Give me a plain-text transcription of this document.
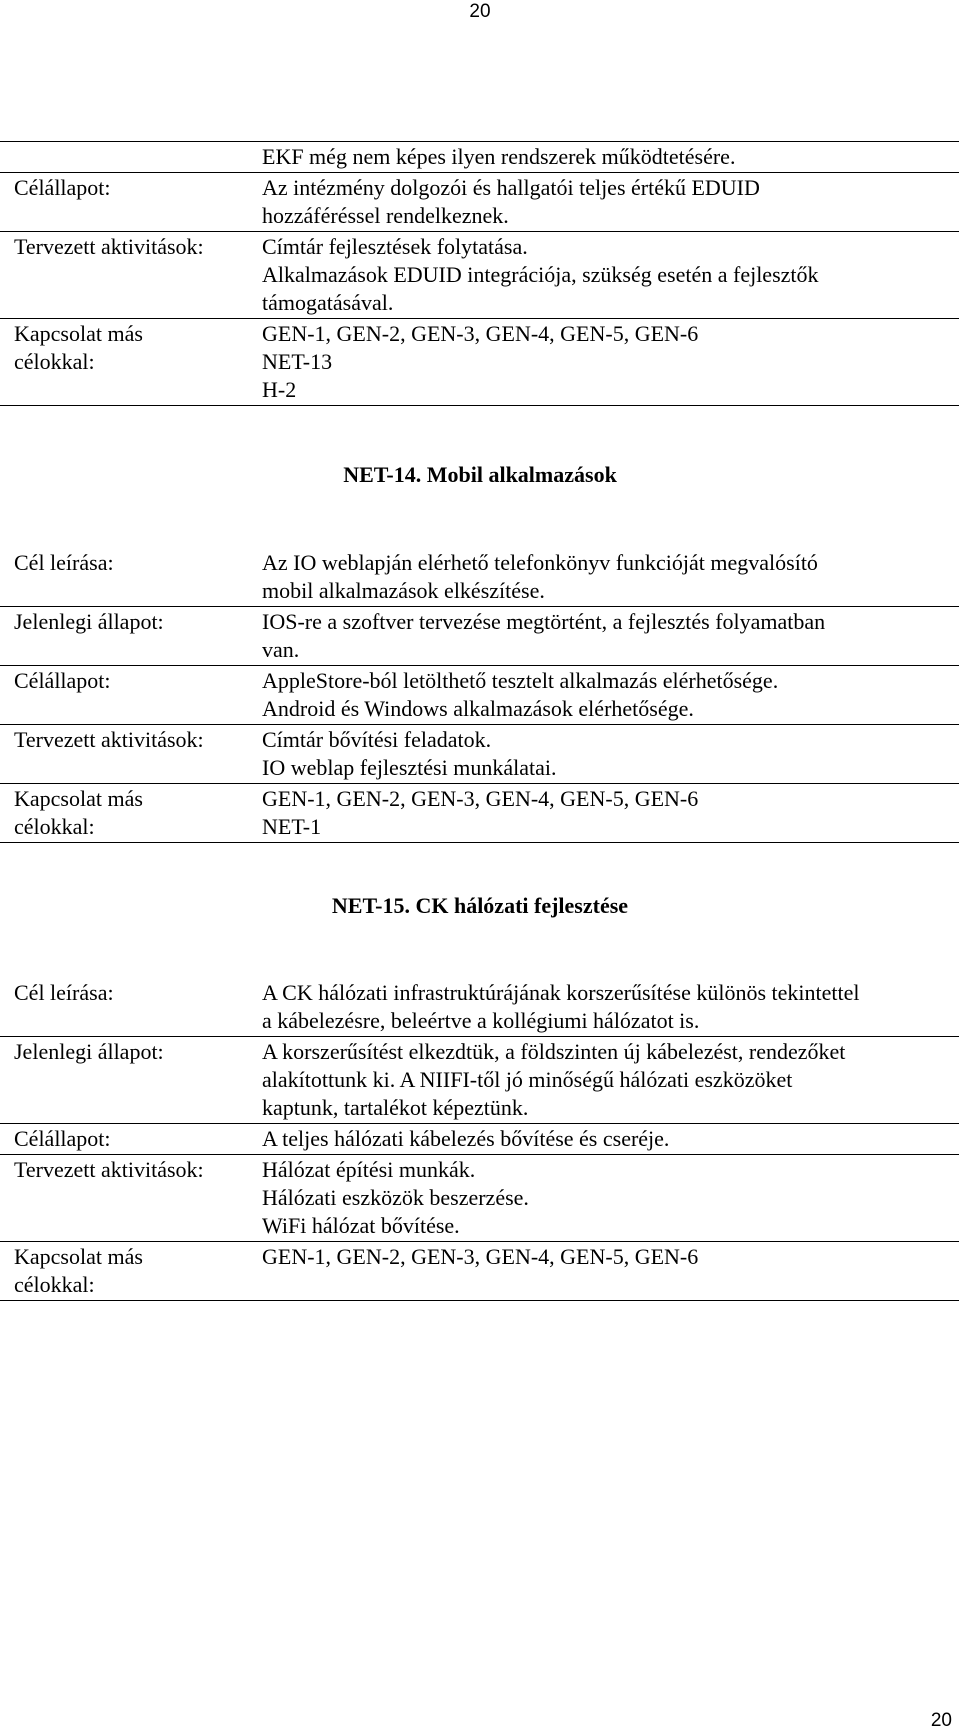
20

	EKF még nem képes ilyen rendszerek működtetésére.

Célállapot:	Az intézmény dolgozói és hallgatói teljes értékű EDUID
hozzáféréssel rendelkeznek.

Tervezett aktivitások:	Címtár fejlesztések folytatása.
Alkalmazások EDUID integrációja, szükség esetén a fejlesztők
támogatásával.

Kapcsolat más
célokkal:	GEN-1, GEN-2, GEN-3, GEN-4, GEN-5, GEN-6
NET-13
H-2
NET-14. Mobil alkalmazások
Cél leírása:	Az IO weblapján elérhető telefonkönyv funkcióját megvalósító
mobil alkalmazások elkészítése.

Jelenlegi állapot:	IOS-re a szoftver tervezése megtörtént, a fejlesztés folyamatban
van.

Célállapot:	AppleStore-ból letölthető tesztelt alkalmazás elérhetősége.
Android és Windows alkalmazások elérhetősége.

Tervezett aktivitások:	Címtár bővítési feladatok.
IO weblap fejlesztési munkálatai.

Kapcsolat más
célokkal:	GEN-1, GEN-2, GEN-3, GEN-4, GEN-5, GEN-6
NET-1
NET-15. CK hálózati fejlesztése
Cél leírása:	A CK hálózati infrastruktúrájának korszerűsítése különös tekintettel
a kábelezésre, beleértve a kollégiumi hálózatot is.

Jelenlegi állapot:	A korszerűsítést elkezdtük, a földszinten új kábelezést, rendezőket
alakítottunk ki. A NIIFI-től jó minőségű hálózati eszközöket
kaptunk, tartalékot képeztünk.

Célállapot:	A teljes hálózati kábelezés bővítése és cseréje.

Tervezett aktivitások:	Hálózat építési munkák.
Hálózati eszközök beszerzése.
WiFi hálózat bővítése.

Kapcsolat más
célokkal:	GEN-1, GEN-2, GEN-3, GEN-4, GEN-5, GEN-6
20
